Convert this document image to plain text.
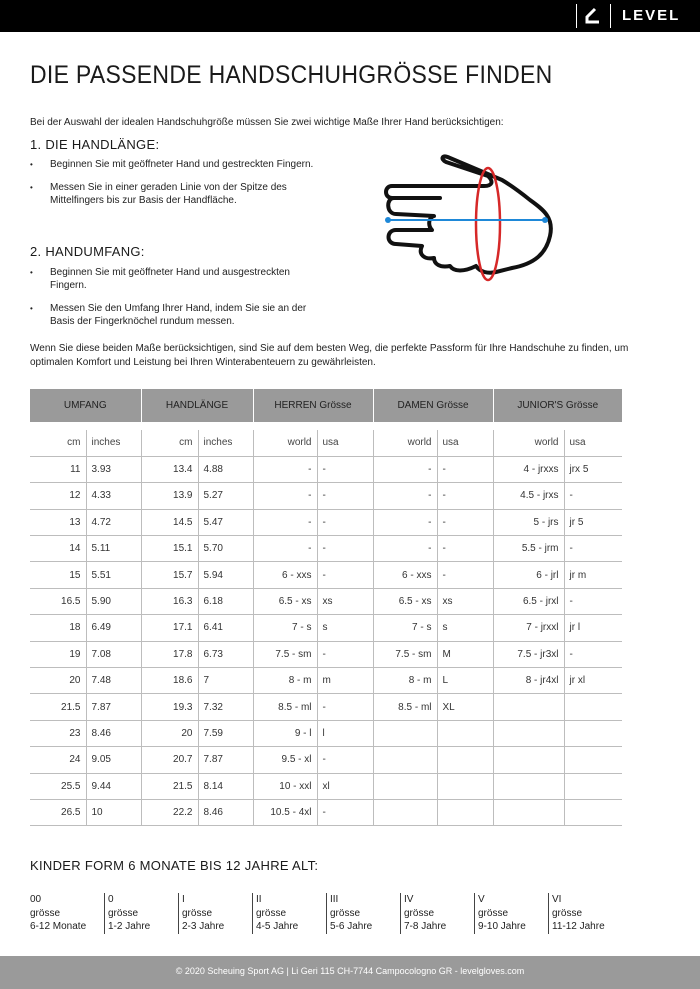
LEVEL
DIE PASSENDE HANDSCHUHGRÖSSE FINDEN
Bei der Auswahl der idealen Handschuhgröße müssen Sie zwei wichtige Maße Ihrer Hand berücksichtigen:
1. DIE HANDLÄNGE:
• Beginnen Sie mit geöffneter Hand und gestreckten Fingern.
• Messen Sie in einer geraden Linie von der Spitze des Mittelfingers bis zur Basis der Handfläche.
2. HANDUMFANG:
• Beginnen Sie mit geöffneter Hand und ausgestreckten Fingern.
• Messen Sie den Umfang Ihrer Hand, indem Sie sie an der Basis der Fingerknöchel rundum messen.
Wenn Sie diese beiden Maße berücksichtigen, sind Sie auf dem besten Weg, die perfekte Passform für Ihre Handschuhe zu finden, um optimalen Komfort und Leistung bei Ihren Winterabenteuern zu gewährleisten.
UMFANG		HANDLÄNGE		HERREN Grösse		DAMEN Grösse		JUNIOR'S Grösse	

cm	inches	cm	inches	world	usa	world	usa	world	usa
11	3.93	13.4	4.88	-	-	-	-	4 - jrxxs	jrx 5
12	4.33	13.9	5.27	-	-	-	-	4.5 - jrxs	-
13	4.72	14.5	5.47	-	-	-	-	5 - jrs	jr 5
14	5.11	15.1	5.70	-	-	-	-	5.5 - jrm	-
15	5.51	15.7	5.94	6 - xxs	-	6 - xxs	-	6 - jrl	jr m
16.5	5.90	16.3	6.18	6.5 - xs	xs	6.5 - xs	xs	6.5 - jrxl	-
18	6.49	17.1	6.41	7 - s	s	7 - s	s	7 - jrxxl	jr l
19	7.08	17.8	6.73	7.5 - sm	-	7.5 - sm	M	7.5 - jr3xl	-
20	7.48	18.6	7	8 - m	m	8 - m	L	8 - jr4xl	jr xl
21.5	7.87	19.3	7.32	8.5 - ml	-	8.5 - ml	XL		
23	8.46	20	7.59	9 - l	l				
24	9.05	20.7	7.87	9.5 - xl	-				
25.5	9.44	21.5	8.14	10 - xxl	xl				
26.5	10	22.2	8.46	10.5 - 4xl	-				
KINDER FORM 6 MONATE BIS 12 JAHRE ALT:
00
grösse
6-12 Monate
0
grösse
1-2 Jahre
I
grösse
2-3 Jahre
II
grösse
4-5 Jahre
III
grösse
5-6 Jahre
IV
grösse
7-8 Jahre
V
grösse
9-10 Jahre
VI
grösse
11-12 Jahre
© 2020 Scheuing Sport AG | Li Geri 115 CH-7744 Campocologno GR - levelgloves.com
